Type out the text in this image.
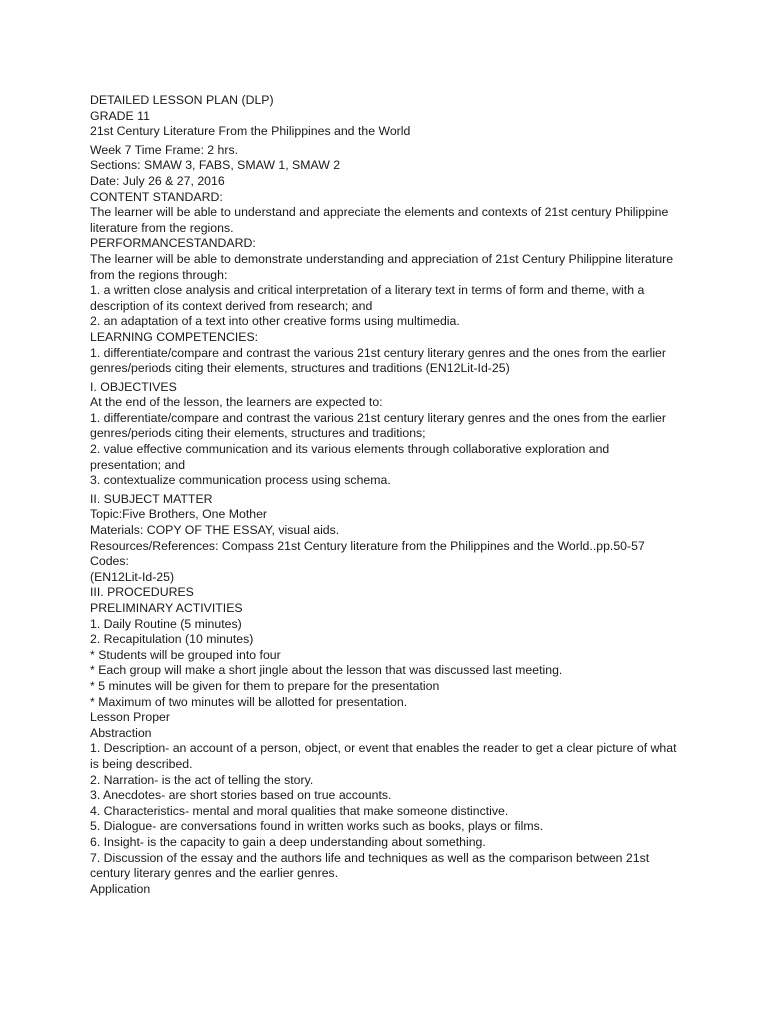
DETAILED LESSON PLAN (DLP)
GRADE 11
21st Century Literature From the Philippines and the World
Week 7 Time Frame: 2 hrs.
Sections: SMAW 3, FABS, SMAW 1, SMAW 2
Date: July 26 & 27, 2016
CONTENT STANDARD:
The learner will be able to understand and appreciate the elements and contexts of 21st century Philippine literature from the regions.
PERFORMANCESTANDARD:
The learner will be able to demonstrate understanding and appreciation of 21st Century Philippine literature from the regions through:
1. a written close analysis and critical interpretation of a literary text in terms of form and theme, with a description of its context derived from research; and
2. an adaptation of a text into other creative forms using multimedia.
LEARNING COMPETENCIES:
1. differentiate/compare and contrast the various 21st century literary genres and the ones from the earlier genres/periods citing their elements, structures and traditions (EN12Lit-Id-25)
I. OBJECTIVES
At the end of the lesson, the learners are expected to:
1. differentiate/compare and contrast the various 21st century literary genres and the ones from the earlier genres/periods citing their elements, structures and traditions;
2. value effective communication and its various elements through collaborative exploration and presentation; and
3. contextualize communication process using schema.
II. SUBJECT MATTER
Topic:Five Brothers, One Mother
Materials: COPY OF THE ESSAY, visual aids.
Resources/References: Compass 21st Century literature from the Philippines and the World..pp.50-57
Codes:
(EN12Lit-Id-25)
III. PROCEDURES
PRELIMINARY ACTIVITIES
1. Daily Routine (5 minutes)
2. Recapitulation (10 minutes)
* Students will be grouped into four
* Each group will make a short jingle about the lesson that was discussed last meeting.
* 5 minutes will be given for them to prepare for the presentation
* Maximum of two minutes will be allotted for presentation.
Lesson Proper
Abstraction
1. Description- an account of a person, object, or event that enables the reader to get a clear picture of what is being described.
2. Narration- is the act of telling the story.
3. Anecdotes- are short stories based on true accounts.
4. Characteristics- mental and moral qualities that make someone distinctive.
5. Dialogue- are conversations found in written works such as books, plays or films.
6. Insight- is the capacity to gain a deep understanding about something.
7. Discussion of the essay and the authors life and techniques as well as the comparison between 21st century literary genres and the earlier genres.
Application
